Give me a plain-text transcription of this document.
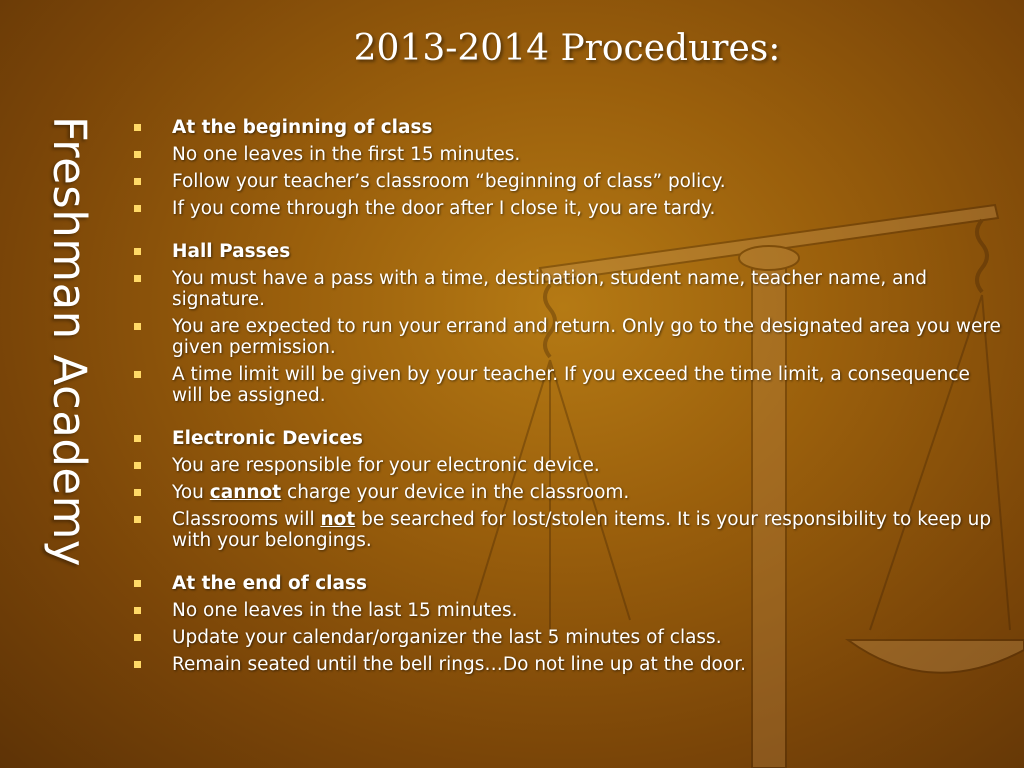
2013-2014 Procedures:
Freshman Academy	At the beginning of class
No one leaves in the first 15 minutes.
Follow your teacher’s classroom “beginning of class” policy.
If you come through the door after I close it, you are tardy.
Hall Passes
You must have a pass with a time, destination, student name, teacher name, and signature.
You are expected to run your errand and return. Only go to the designated area you were given permission.
A time limit will be given by your teacher. If you exceed the time limit, a consequence will be assigned.
Electronic Devices
You are responsible for your electronic device.
You cannot charge your device in the classroom.
Classrooms will not be searched for lost/stolen items. It is your responsibility to keep up with your belongings.
At the end of class
No one leaves in the last 15 minutes.
Update your calendar/organizer the last 5 minutes of class.
Remain seated until the bell rings…Do not line up at the door.
